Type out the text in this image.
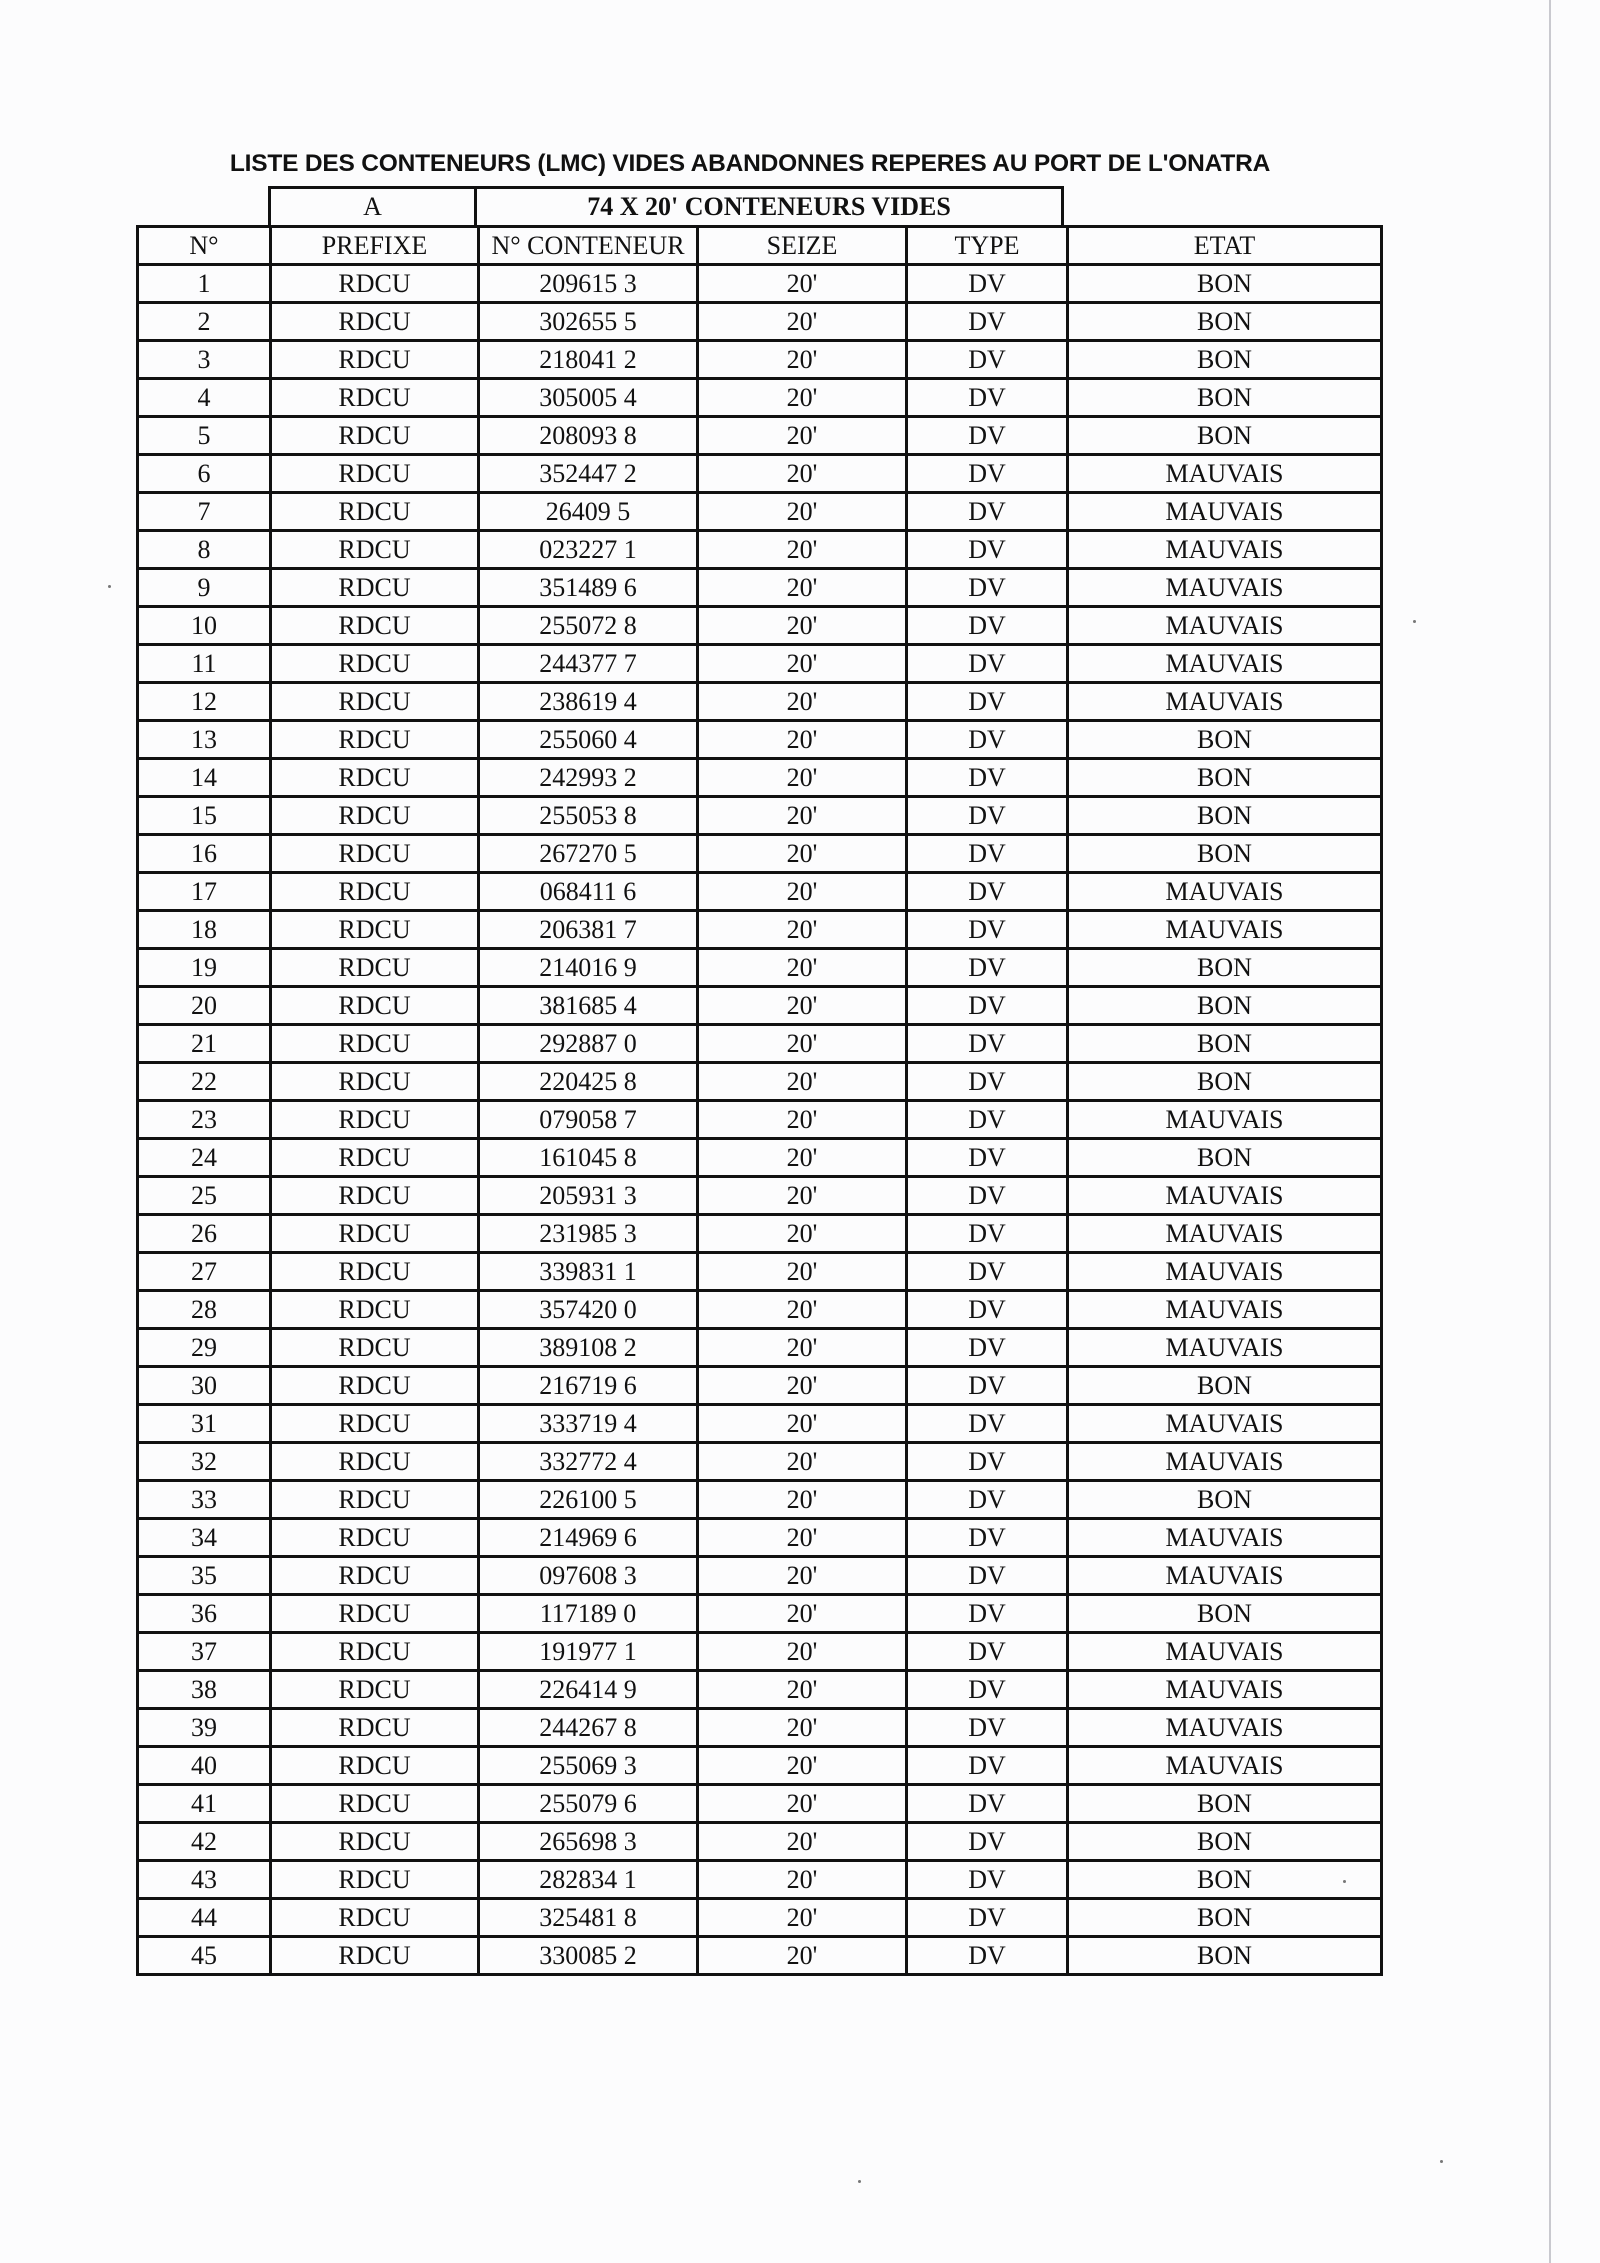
LISTE DES CONTENEURS (LMC) VIDES ABANDONNES REPERES AU PORT DE L'ONATRA
A	74 X 20' CONTENEURS VIDES
N°	PREFIXE	N° CONTENEUR	SEIZE	TYPE	ETAT
1	RDCU	209615 3	20'	DV	BON
2	RDCU	302655 5	20'	DV	BON
3	RDCU	218041 2	20'	DV	BON
4	RDCU	305005 4	20'	DV	BON
5	RDCU	208093 8	20'	DV	BON
6	RDCU	352447 2	20'	DV	MAUVAIS
7	RDCU	26409 5	20'	DV	MAUVAIS
8	RDCU	023227 1	20'	DV	MAUVAIS
9	RDCU	351489 6	20'	DV	MAUVAIS
10	RDCU	255072 8	20'	DV	MAUVAIS
11	RDCU	244377 7	20'	DV	MAUVAIS
12	RDCU	238619 4	20'	DV	MAUVAIS
13	RDCU	255060 4	20'	DV	BON
14	RDCU	242993 2	20'	DV	BON
15	RDCU	255053 8	20'	DV	BON
16	RDCU	267270 5	20'	DV	BON
17	RDCU	068411 6	20'	DV	MAUVAIS
18	RDCU	206381 7	20'	DV	MAUVAIS
19	RDCU	214016 9	20'	DV	BON
20	RDCU	381685 4	20'	DV	BON
21	RDCU	292887 0	20'	DV	BON
22	RDCU	220425 8	20'	DV	BON
23	RDCU	079058 7	20'	DV	MAUVAIS
24	RDCU	161045 8	20'	DV	BON
25	RDCU	205931 3	20'	DV	MAUVAIS
26	RDCU	231985 3	20'	DV	MAUVAIS
27	RDCU	339831 1	20'	DV	MAUVAIS
28	RDCU	357420 0	20'	DV	MAUVAIS
29	RDCU	389108 2	20'	DV	MAUVAIS
30	RDCU	216719 6	20'	DV	BON
31	RDCU	333719 4	20'	DV	MAUVAIS
32	RDCU	332772 4	20'	DV	MAUVAIS
33	RDCU	226100 5	20'	DV	BON
34	RDCU	214969 6	20'	DV	MAUVAIS
35	RDCU	097608 3	20'	DV	MAUVAIS
36	RDCU	117189 0	20'	DV	BON
37	RDCU	191977 1	20'	DV	MAUVAIS
38	RDCU	226414 9	20'	DV	MAUVAIS
39	RDCU	244267 8	20'	DV	MAUVAIS
40	RDCU	255069 3	20'	DV	MAUVAIS
41	RDCU	255079 6	20'	DV	BON
42	RDCU	265698 3	20'	DV	BON
43	RDCU	282834 1	20'	DV	BON
44	RDCU	325481 8	20'	DV	BON
45	RDCU	330085 2	20'	DV	BON
